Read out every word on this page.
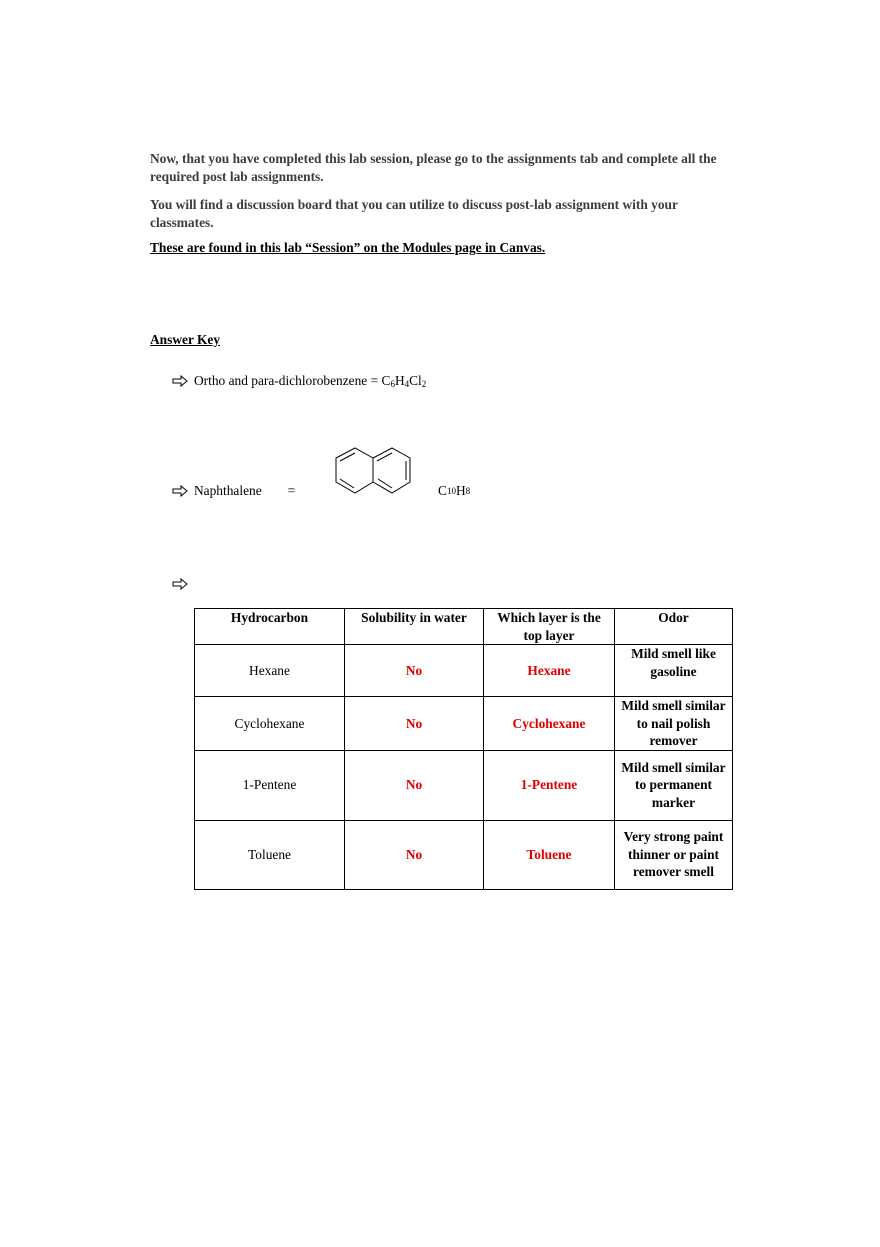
Now, that you have completed this lab session, please go to the assignments tab and complete all the required post lab assignments.
You will find a discussion board that you can utilize to discuss post-lab assignment with your classmates.
These are found in this lab “Session” on the Modules page in Canvas.
Answer Key
Ortho and para-dichlorobenzene = $C_6H_4Cl_2$
Naphthalene =	C 10 H 8
Hydrocarbon	Solubility in water	Which layer is the top layer	Odor
Hexane	No	Hexane	Mild smell like gasoline
Cyclohexane	No	Cyclohexane	Mild smell similar to nail polish remover
1-Pentene	No	1-Pentene	Mild smell similar to permanent marker
Toluene	No	Toluene	Very strong paint thinner or paint remover smell
